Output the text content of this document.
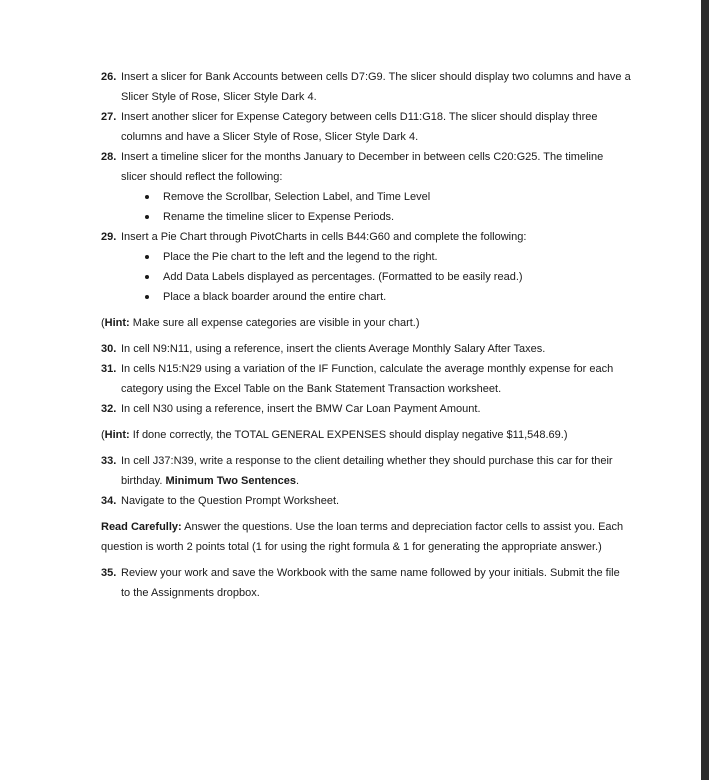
26. Insert a slicer for Bank Accounts between cells D7:G9. The slicer should display two columns and have a Slicer Style of Rose, Slicer Style Dark 4.
27. Insert another slicer for Expense Category between cells D11:G18. The slicer should display three columns and have a Slicer Style of Rose, Slicer Style Dark 4.
28. Insert a timeline slicer for the months January to December in between cells C20:G25. The timeline slicer should reflect the following:
Remove the Scrollbar, Selection Label, and Time Level
Rename the timeline slicer to Expense Periods.
29. Insert a Pie Chart through PivotCharts in cells B44:G60 and complete the following:
Place the Pie chart to the left and the legend to the right.
Add Data Labels displayed as percentages. (Formatted to be easily read.)
Place a black boarder around the entire chart.
(Hint: Make sure all expense categories are visible in your chart.)
30. In cell N9:N11, using a reference, insert the clients Average Monthly Salary After Taxes.
31. In cells N15:N29 using a variation of the IF Function, calculate the average monthly expense for each category using the Excel Table on the Bank Statement Transaction worksheet.
32. In cell N30 using a reference, insert the BMW Car Loan Payment Amount.
(Hint: If done correctly, the TOTAL GENERAL EXPENSES should display negative $11,548.69.)
33. In cell J37:N39, write a response to the client detailing whether they should purchase this car for their birthday. Minimum Two Sentences.
34. Navigate to the Question Prompt Worksheet.
Read Carefully: Answer the questions. Use the loan terms and depreciation factor cells to assist you. Each question is worth 2 points total (1 for using the right formula & 1 for generating the appropriate answer.)
35. Review your work and save the Workbook with the same name followed by your initials. Submit the file to the Assignments dropbox.
